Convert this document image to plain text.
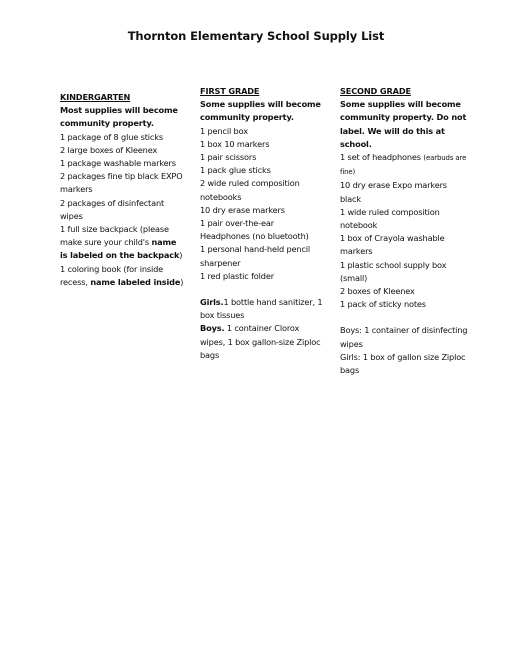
Thornton Elementary School Supply List

KINDERGARTEN

Most supplies will become community property.

1 package of 8 glue sticks

2 large boxes of Kleenex

1 package washable markers

2 packages fine tip black EXPO markers

2 packages of disinfectant wipes

1 full size backpack (please make sure your child's name is labeled on the backpack)

1 coloring book (for inside recess, name labeled inside)

FIRST GRADE

Some supplies will become community property.

1 pencil box

1 box 10 markers

1 pair scissors

1 pack glue sticks

2 wide ruled composition notebooks

10 dry erase markers

1 pair over-the-ear Headphones (no bluetooth)

1 personal hand-held pencil sharpener

1 red plastic folder

Girls.1 bottle hand sanitizer, 1 box tissues

Boys. 1 container Clorox wipes, 1 box gallon-size Ziploc bags

SECOND GRADE

Some supplies will become community property. Do not label. We will do this at school.

1 set of headphones (earbuds are fine)

10 dry erase Expo markers black

1 wide ruled composition notebook

1 box of Crayola washable markers

1 plastic school supply box (small)

2 boxes of Kleenex

1 pack of sticky notes

Boys: 1 container of disinfecting wipes

Girls: 1 box of gallon size Ziploc bags
